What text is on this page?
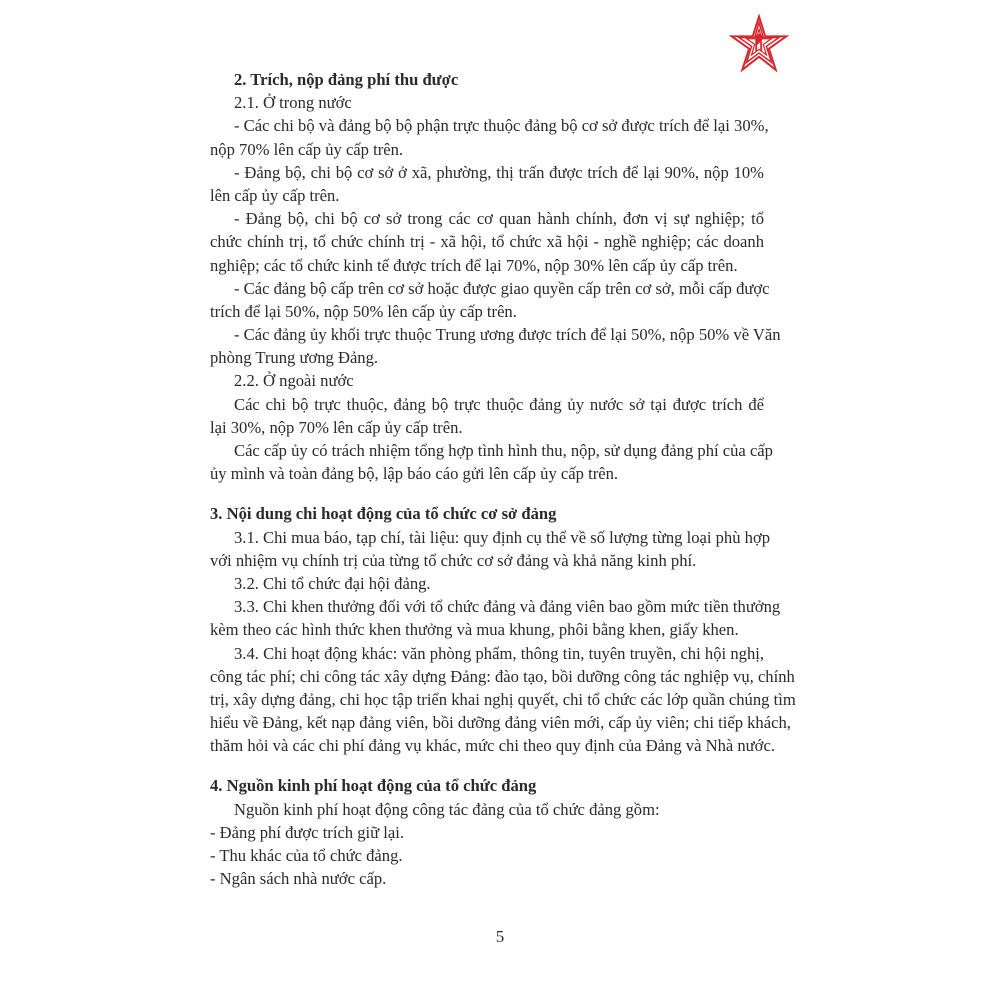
2. Trích, nộp đảng phí thu được
2.1. Ở trong nước
- Các chi bộ và đảng bộ bộ phận trực thuộc đảng bộ cơ sở được trích để lại 30%,
nộp 70% lên cấp ủy cấp trên.
- Đảng bộ, chi bộ cơ sở ở xã, phường, thị trấn được trích để lại 90%, nộp 10%
lên cấp ủy cấp trên.
- Đảng bộ, chi bộ cơ sở trong các cơ quan hành chính, đơn vị sự nghiệp; tổ
chức chính trị, tổ chức chính trị - xã hội, tổ chức xã hội - nghề nghiệp; các doanh
nghiệp; các tổ chức kinh tế được trích để lại 70%, nộp 30% lên cấp ủy cấp trên.
- Các đảng bộ cấp trên cơ sở hoặc được giao quyền cấp trên cơ sở, mỗi cấp được
trích để lại 50%, nộp 50% lên cấp ủy cấp trên.
- Các đảng ủy khối trực thuộc Trung ương được trích để lại 50%, nộp 50% về Văn
phòng Trung ương Đảng.
2.2. Ở ngoài nước
Các chi bộ trực thuộc, đảng bộ trực thuộc đảng ủy nước sở tại được trích để
lại 30%, nộp 70% lên cấp ủy cấp trên.
Các cấp ủy có trách nhiệm tổng hợp tình hình thu, nộp, sử dụng đảng phí của cấp
ủy mình và toàn đảng bộ, lập báo cáo gửi lên cấp ủy cấp trên.
3. Nội dung chi hoạt động của tổ chức cơ sở đảng
3.1. Chi mua báo, tạp chí, tài liệu: quy định cụ thể về số lượng từng loại phù hợp
với nhiệm vụ chính trị của từng tổ chức cơ sở đảng và khả năng kinh phí.
3.2. Chi tổ chức đại hội đảng.
3.3. Chi khen thưởng đối với tổ chức đảng và đảng viên bao gồm mức tiền thưởng
kèm theo các hình thức khen thưởng và mua khung, phôi bằng khen, giấy khen.
3.4. Chi hoạt động khác: văn phòng phẩm, thông tin, tuyên truyền, chi hội nghị,
công tác phí; chi công tác xây dựng Đảng: đào tạo, bồi dưỡng công tác nghiệp vụ, chính
trị, xây dựng đảng, chi học tập triển khai nghị quyết, chi tổ chức các lớp quần chúng tìm
hiểu về Đảng, kết nạp đảng viên, bồi dưỡng đảng viên mới, cấp ủy viên; chi tiếp khách,
thăm hỏi và các chi phí đảng vụ khác, mức chi theo quy định của Đảng và Nhà nước.
4. Nguồn kinh phí hoạt động của tổ chức đảng
Nguồn kinh phí hoạt động công tác đảng của tổ chức đảng gồm:
- Đảng phí được trích giữ lại.
- Thu khác của tổ chức đảng.
- Ngân sách nhà nước cấp.
5
